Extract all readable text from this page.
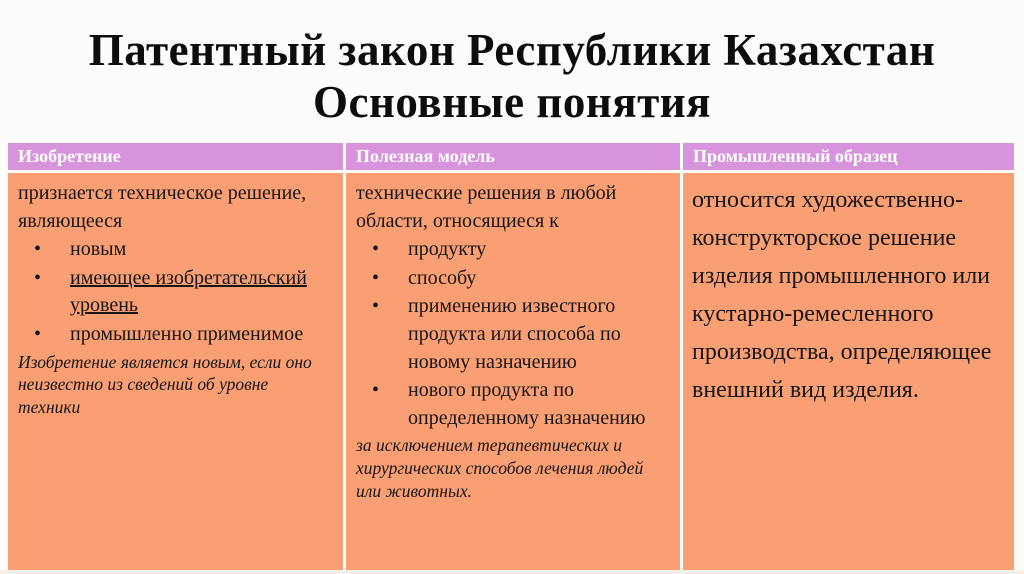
Патентный закон Республики Казахстан
Основные понятия
Изобретение	Полезная модель	Промышленный образец

признается техническое решение, являющееся

• новым
• имеющее изобретательский уровень
• промышленно применимое

Изобретение является новым, если оно неизвестно из сведений об уровне техники

технические решения в любой области, относящиеся к

• продукту
• способу
• применению известного продукта или способа по новому назначению
• нового продукта по определенному назначению

за исключением терапевтических и хирургических способов лечения людей или животных.

относится художественно-конструкторское решение изделия промышленного или кустарно-ремесленного производства, определяющее внешний вид изделия.
